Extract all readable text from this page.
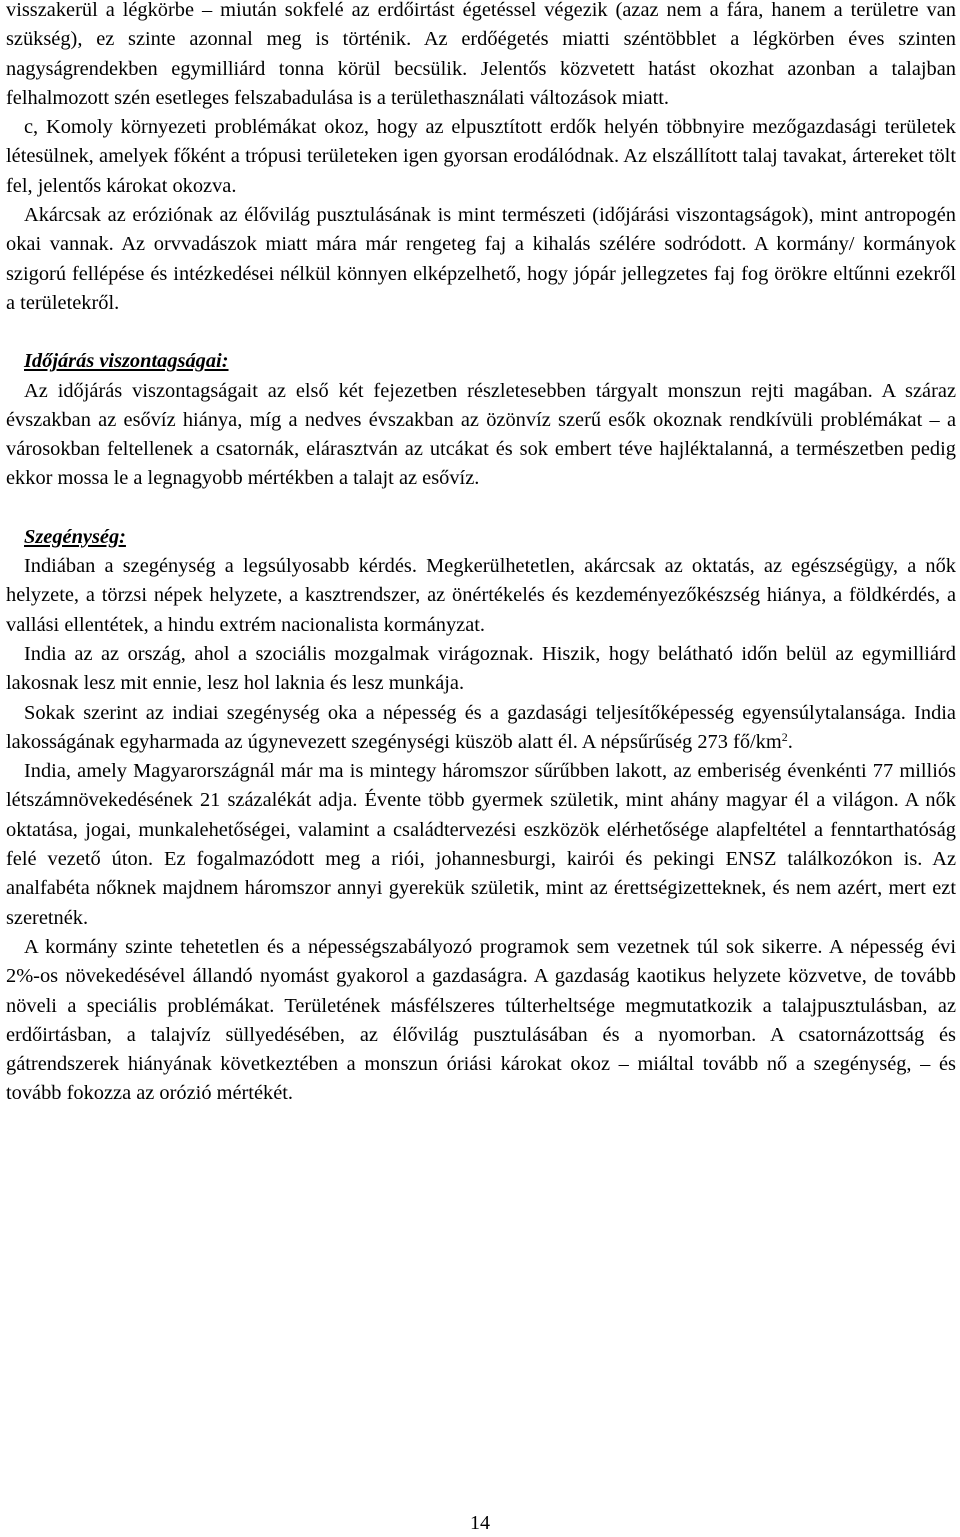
visszakerül a légkörbe – miután sokfelé az erdőirtást égetéssel végezik (azaz nem a fára, hanem a területre van szükség), ez szinte azonnal meg is történik. Az erdőégetés miatti széntöbblet a légkörben éves szinten nagyságrendekben egymilliárd tonna körül becsülik. Jelentős közvetett hatást okozhat azonban a talajban felhalmozott szén esetleges felszabadulása is a területhasználati változások miatt.

c, Komoly környezeti problémákat okoz, hogy az elpusztított erdők helyén többnyire mezőgazdasági területek létesülnek, amelyek főként a trópusi területeken igen gyorsan erodálódnak. Az elszállított talaj tavakat, ártereket tölt fel, jelentős károkat okozva.

Akárcsak az eróziónak az élővilág pusztulásának is mint természeti (időjárási viszontagságok), mint antropogén okai vannak. Az orvvadászok miatt mára már rengeteg faj a kihalás szélére sodródott. A kormány/ kormányok szigorú fellépése és intézkedései nélkül könnyen elképzelhető, hogy jópár jellegzetes faj fog örökre eltűnni ezekről a területekről.

Időjárás viszontagságai:

Az időjárás viszontagságait az első két fejezetben részletesebben tárgyalt monszun rejti magában. A száraz évszakban az esővíz hiánya, míg a nedves évszakban az özönvíz szerű esők okoznak rendkívüli problémákat – a városokban feltellenek a csatornák, elárasztván az utcákat és sok embert téve hajléktalanná, a természetben pedig ekkor mossa le a legnagyobb mértékben a talajt az esővíz.

Szegénység:

Indiában a szegénység a legsúlyosabb kérdés. Megkerülhetetlen, akárcsak az oktatás, az egészségügy, a nők helyzete, a törzsi népek helyzete, a kasztrendszer, az önértékelés és kezdeményezőkészség hiánya, a földkérdés, a vallási ellentétek, a hindu extrém nacionalista kormányzat.

India az az ország, ahol a szociális mozgalmak virágoznak. Hiszik, hogy belátható időn belül az egymilliárd lakosnak lesz mit ennie, lesz hol laknia és lesz munkája.

Sokak szerint az indiai szegénység oka a népesség és a gazdasági teljesítőképesség egyensúlytalansága. India lakosságának egyharmada az úgynevezett szegénységi küszöb alatt él. A népsűrűség 273 $fő/km^2$.

India, amely Magyarországnál már ma is mintegy háromszor sűrűbben lakott, az emberiség évenkénti 77 milliós létszámnövekedésének 21 százalékát adja. Évente több gyermek születik, mint ahány magyar él a világon. A nők oktatása, jogai, munkalehetőségei, valamint a családtervezési eszközök elérhetősége alapfeltétel a fenntarthatóság felé vezető úton. Ez fogalmazódott meg a riói, johannesburgi, kairói és pekingi ENSZ találkozókon is. Az analfabéta nőknek majdnem háromszor annyi gyerekük születik, mint az érettségizetteknek, és nem azért, mert ezt szeretnék.

A kormány szinte tehetetlen és a népességszabályozó programok sem vezetnek túl sok sikerre. A népesség évi 2%-os növekedésével állandó nyomást gyakorol a gazdaságra. A gazdaság kaotikus helyzete közvetve, de tovább növeli a speciális problémákat. Területének másfélszeres túlterheltsége megmutatkozik a talajpusztulásban, az erdőirtásban, a talajvíz süllyedésében, az élővilág pusztulásában és a nyomorban. A csatornázottság és gátrendszerek hiányának következtében a monszun óriási károkat okoz – miáltal tovább nő a szegénység, – és tovább fokozza az orózió mértékét.

14
